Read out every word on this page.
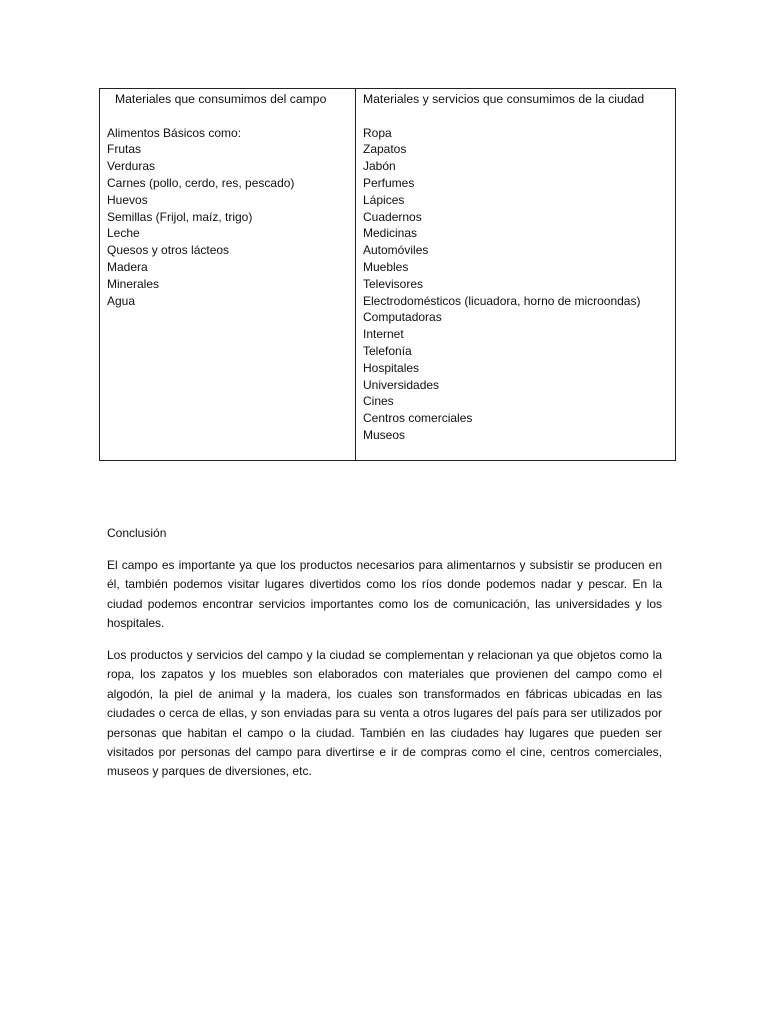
Materiales que consumimos del campo
Alimentos Básicos como:
Frutas
Verduras
Carnes (pollo, cerdo, res, pescado)
Huevos
Semillas (Frijol, maíz, trigo)
Leche
Quesos y otros lácteos
Madera
Minerales
Agua
Materiales y servicios que consumimos de la ciudad
Ropa
Zapatos
Jabón
Perfumes
Lápices
Cuadernos
Medicinas
Automóviles
Muebles
Televisores
Electrodomésticos (licuadora, horno de microondas)
Computadoras
Internet
Telefonía
Hospitales
Universidades
Cines
Centros comerciales
Museos
Conclusión

El campo es importante ya que los productos necesarios para alimentarnos y subsistir se producen en él, también podemos visitar lugares divertidos como los ríos donde podemos nadar y pescar. En la ciudad podemos encontrar servicios importantes como los de comunicación, las universidades y los hospitales.

Los productos y servicios del campo y la ciudad se complementan y relacionan ya que objetos como la ropa, los zapatos y los muebles son elaborados con materiales que provienen del campo como el algodón, la piel de animal y la madera, los cuales son transformados en fábricas ubicadas en las ciudades o cerca de ellas, y son enviadas para su venta a otros lugares del país para ser utilizados por personas que habitan el campo o la ciudad. También en las ciudades hay lugares que pueden ser visitados por personas del campo para divertirse e ir de compras como el cine, centros comerciales, museos y parques de diversiones, etc.
